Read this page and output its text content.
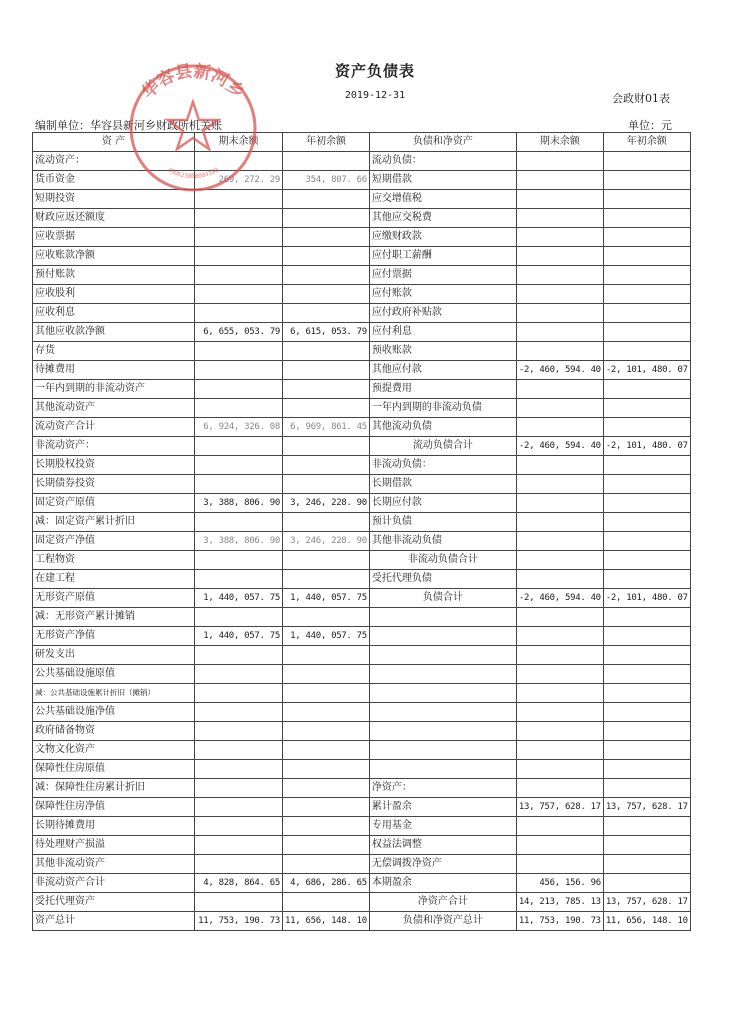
资产负债表
2019-12-31	会政财01表
编制单位：华容县新河乡财政所机关账	单位：元
资 产	期末余额	年初余额	负债和净资产	期末余额	年初余额
流动资产：			流动负债：		
货币资金	269, 272. 29	354, 807. 66	短期借款		
短期投资			应交增值税		
财政应返还额度			其他应交税费		
应收票据			应缴财政款		
应收账款净额			应付职工薪酬		
预付账款			应付票据		
应收股利			应付账款		
应收利息			应付政府补贴款		
其他应收款净额	6, 655, 053. 79	6, 615, 053. 79	应付利息		
存货			预收账款		
待摊费用			其他应付款	-2, 460, 594. 40	-2, 101, 480. 07
一年内到期的非流动资产			预提费用		
其他流动资产			一年内到期的非流动负债		
流动资产合计	6, 924, 326. 08	6, 969, 861. 45	其他流动负债		
非流动资产：			流动负债合计	-2, 460, 594. 40	-2, 101, 480. 07
长期股权投资			非流动负债：		
长期债券投资			长期借款		
固定资产原值	3, 388, 806. 90	3, 246, 228. 90	长期应付款		
减：固定资产累计折旧			预计负债		
固定资产净值	3, 388, 806. 90	3, 246, 228. 90	其他非流动负债		
工程物资			非流动负债合计		
在建工程			受托代理负债		
无形资产原值	1, 440, 057. 75	1, 440, 057. 75	负债合计	-2, 460, 594. 40	-2, 101, 480. 07
减：无形资产累计摊销					
无形资产净值	1, 440, 057. 75	1, 440, 057. 75			
研发支出					
公共基础设施原值					
减：公共基础设施累计折旧（摊销）					
公共基础设施净值					
政府储备物资					
文物文化资产					
保障性住房原值					
减：保障性住房累计折旧			净资产：		
保障性住房净值			累计盈余	13, 757, 628. 17	13, 757, 628. 17
长期待摊费用			专用基金		
待处理财产损溢			权益法调整		
其他非流动资产			无偿调拨净资产		
非流动资产合计	4, 828, 864. 65	4, 686, 286. 65	本期盈余	456, 156. 96	
受托代理资产			净资产合计	14, 213, 785. 13	13, 757, 628. 17
资产总计	11, 753, 190. 73	11, 656, 148. 10	负债和净资产总计	11, 753, 190. 73	11, 656, 148. 10
华容县新河乡
430623000004100
